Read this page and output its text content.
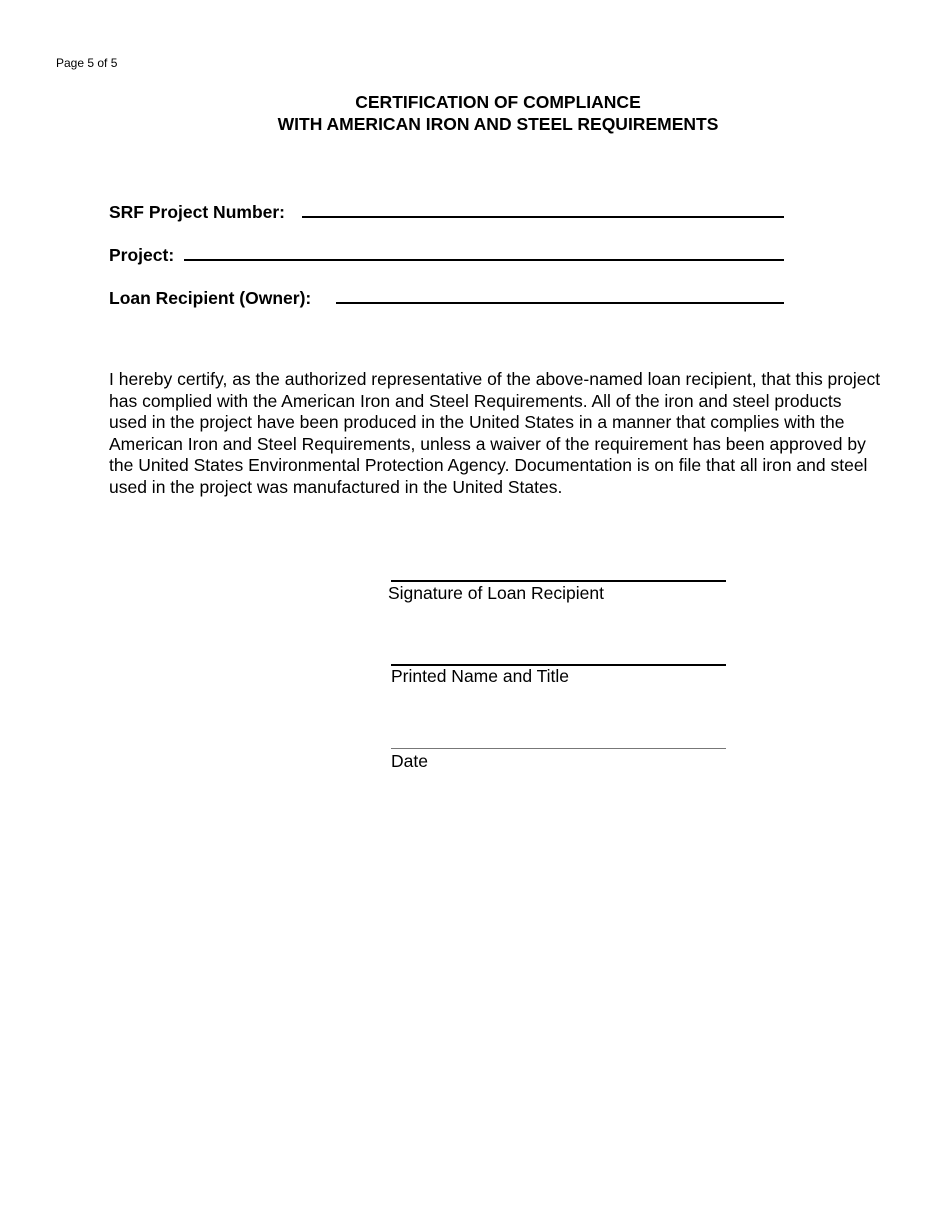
Page 5 of 5
CERTIFICATION OF COMPLIANCE
WITH AMERICAN IRON AND STEEL REQUIREMENTS
SRF Project Number:
Project:
Loan Recipient (Owner):
I hereby certify, as the authorized representative of the above-named loan recipient, that this project has complied with the American Iron and Steel Requirements. All of the iron and steel products used in the project have been produced in the United States in a manner that complies with the American Iron and Steel Requirements, unless a waiver of the requirement has been approved by the United States Environmental Protection Agency. Documentation is on file that all iron and steel used in the project was manufactured in the United States.
Signature of Loan Recipient
Printed Name and Title
Date
